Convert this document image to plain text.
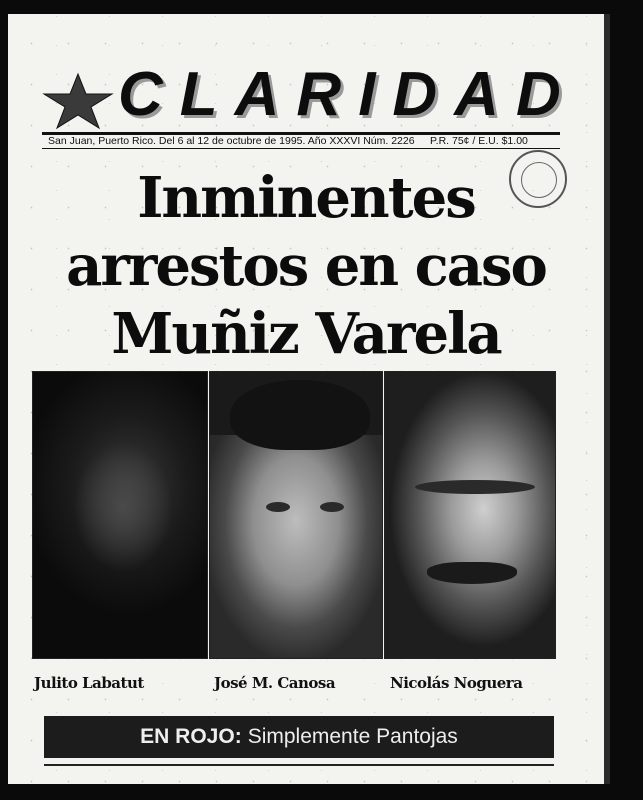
CLARIDAD
San Juan, Puerto Rico. Del 6 al 12 de octubre de 1995. Año XXXVI Núm. 2226	P.R. 75¢ / E.U. $1.00
Inminentes
arrestos en caso
Muñiz Varela
Julito Labatut	José M. Canosa	Nicolás Noguera
EN ROJO: Simplemente Pantojas
